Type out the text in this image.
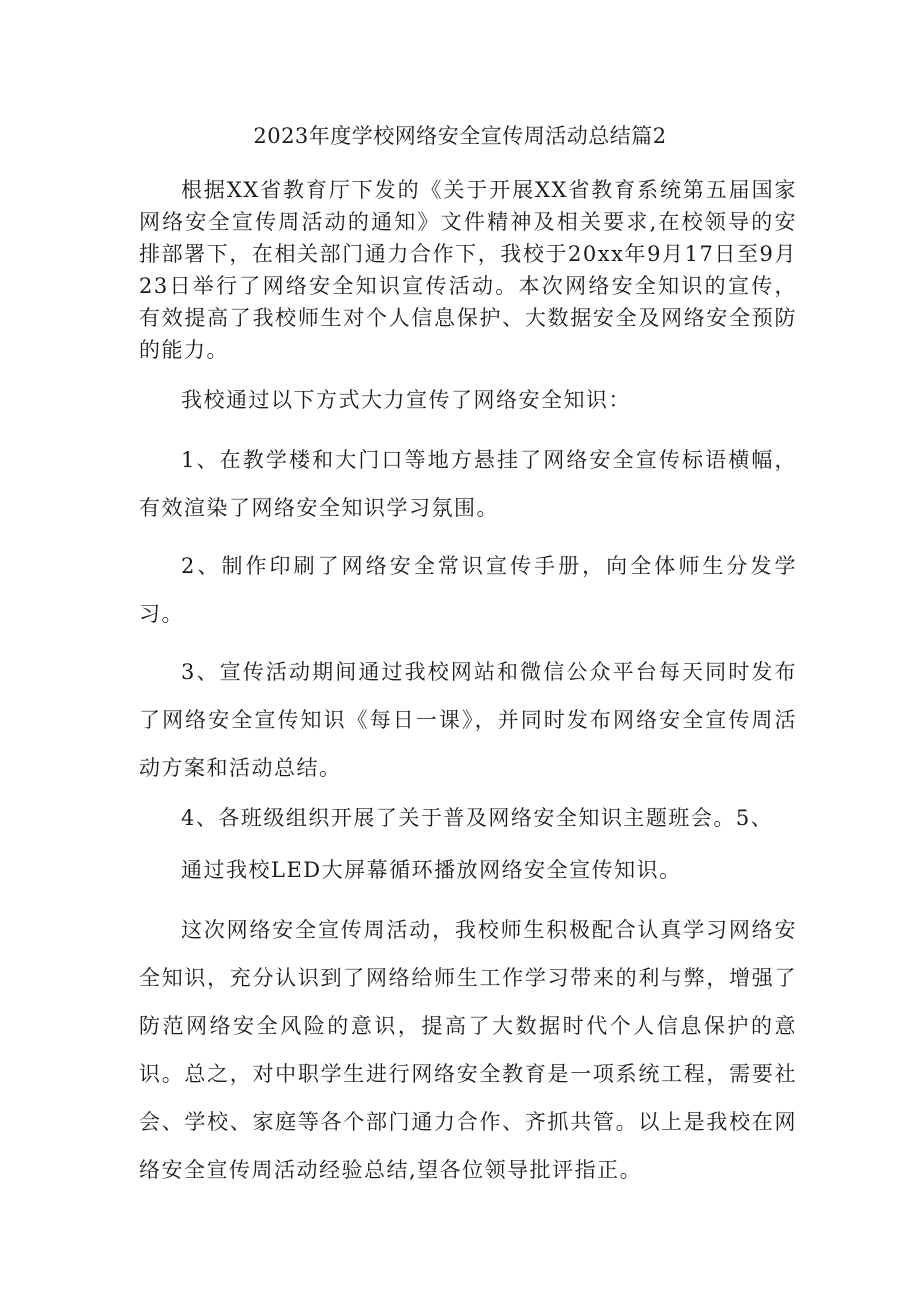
2023年度学校网络安全宣传周活动总结篇2

根据XX省教育厅下发的《关于开展XX省教育系统第五届国家网络安全宣传周活动的通知》文件精神及相关要求,在校领导的安排部署下，在相关部门通力合作下，我校于20xx年9月17日至9月23日举行了网络安全知识宣传活动。本次网络安全知识的宣传，有效提高了我校师生对个人信息保护、大数据安全及网络安全预防的能力。

我校通过以下方式大力宣传了网络安全知识：

1、在教学楼和大门口等地方悬挂了网络安全宣传标语横幅，有效渲染了网络安全知识学习氛围。

2、制作印刷了网络安全常识宣传手册，向全体师生分发学习。

3、宣传活动期间通过我校网站和微信公众平台每天同时发布了网络安全宣传知识《每日一课》，并同时发布网络安全宣传周活动方案和活动总结。

4、各班级组织开展了关于普及网络安全知识主题班会。5、

通过我校LED大屏幕循环播放网络安全宣传知识。

这次网络安全宣传周活动，我校师生积极配合认真学习网络安全知识，充分认识到了网络给师生工作学习带来的利与弊，增强了防范网络安全风险的意识，提高了大数据时代个人信息保护的意识。总之，对中职学生进行网络安全教育是一项系统工程，需要社会、学校、家庭等各个部门通力合作、齐抓共管。以上是我校在网络安全宣传周活动经验总结,望各位领导批评指正。
